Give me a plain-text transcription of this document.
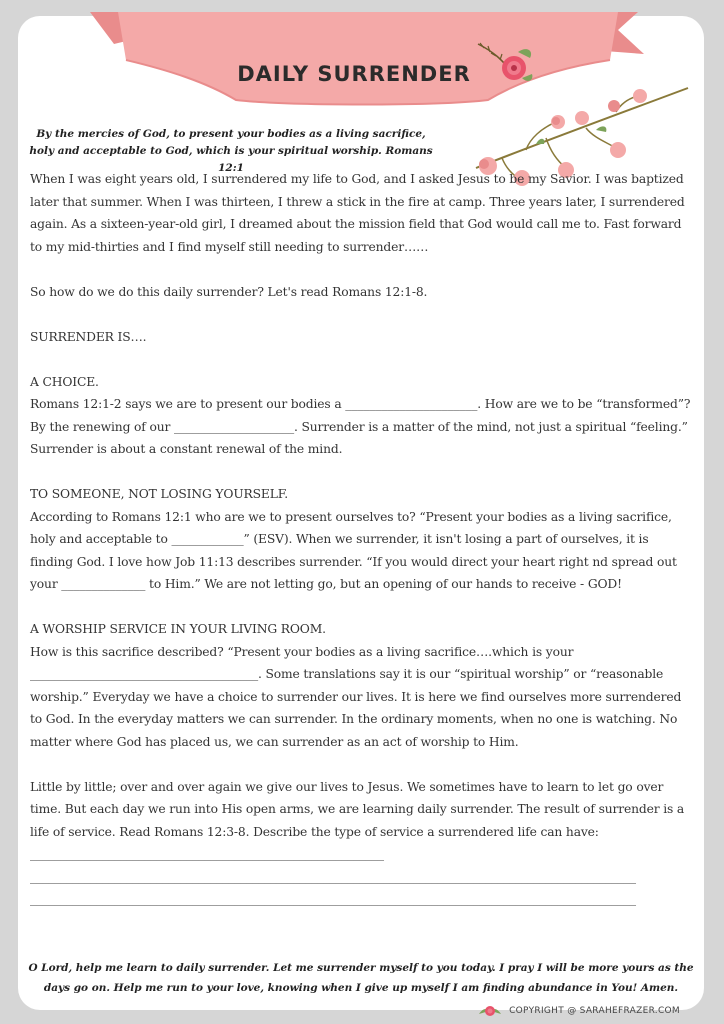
DAILY SURRENDER
By the mercies of God, to present your bodies as a living sacrifice, holy and acceptable to God, which is your spiritual worship. Romans 12:1

When I was eight years old, I surrendered my life to God, and I asked Jesus to be my Savior. I was baptized later that summer. When I was thirteen, I threw a stick in the fire at camp. Three years later, I surrendered again. As a sixteen-year-old girl, I dreamed about the mission field that God would call me to. Fast forward to my mid-thirties and I find myself still needing to surrender……

So how do we do this daily surrender? Let's read Romans 12:1-8.

SURRENDER IS….

A CHOICE.
Romans 12:1-2 says we are to present our bodies a ______________________. How are we to be “transformed”? By the renewing of our ____________________. Surrender is a matter of the mind, not just a spiritual “feeling.” Surrender is about a constant renewal of the mind.

TO SOMEONE, NOT LOSING YOURSELF.
According to Romans 12:1 who are we to present ourselves to? “Present your bodies as a living sacrifice, holy and acceptable to ____________” (ESV). When we surrender, it isn't losing a part of ourselves, it is finding God. I love how Job 11:13 describes surrender. “If you would direct your heart right nd spread out your ______________ to Him.” We are not letting go, but an opening of our hands to receive - GOD!

A WORSHIP SERVICE IN YOUR LIVING ROOM.
How is this sacrifice described? “Present your bodies as a living sacrifice….which is your ______________________________________. Some translations say it is our “spiritual worship” or “reasonable worship.” Everyday we have a choice to surrender our lives. It is here we find ourselves more surrendered to God. In the everyday matters we can surrender. In the ordinary moments, when no one is watching. No matter where God has placed us, we can surrender as an act of worship to Him.

Little by little; over and over again we give our lives to Jesus. We sometimes have to learn to let go over time. But each day we run into His open arms, we are learning daily surrender. The result of surrender is a life of service. Read Romans 12:3-8. Describe the type of service a surrendered life can have: ___________________________________________________________
_____________________________________________________________________________________________________
_____________________________________________________________________________________________________
O Lord, help me learn to daily surrender. Let me surrender myself to you today. I pray I will be more yours as the days go on. Help me run to your love, knowing when I give up myself I am finding abundance in You! Amen.
COPYRIGHT @ SARAHEFRAZER.COM
